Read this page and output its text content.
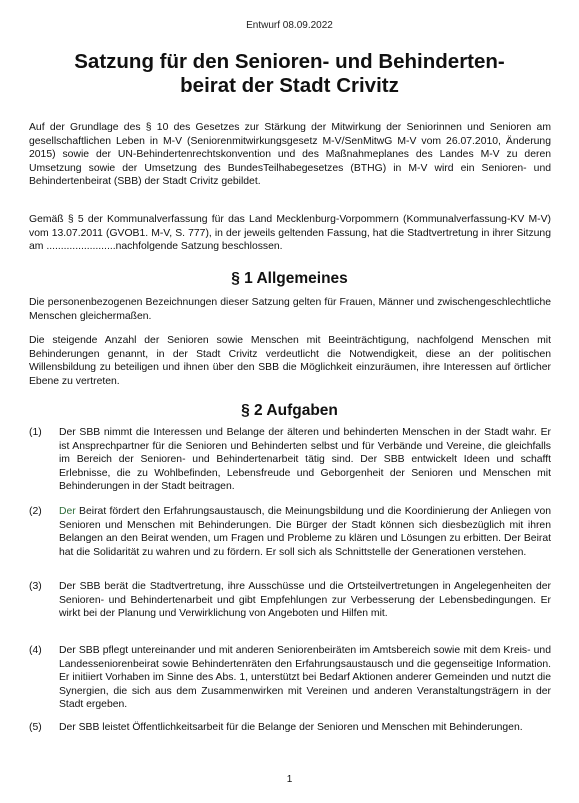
Entwurf 08.09.2022
Satzung für den Senioren- und Behinderten-
beirat der Stadt Crivitz

Auf der Grundlage des § 10 des Gesetzes zur Stärkung der Mitwirkung der Seniorinnen und Senioren am gesellschaftlichen Leben in M-V (Seniorenmitwirkungsgesetz M-V/SenMitwG M-V vom 26.07.2010, Änderung 2015) sowie der UN-Behindertenrechtskonvention und des Maßnahmeplanes des Landes M-V zu deren Umsetzung sowie der Umsetzung des BundesTeilhabegesetzes (BTHG) in M-V wird ein Senioren- und Behindertenbeirat (SBB) der Stadt Crivitz gebildet.

Gemäß § 5 der Kommunalverfassung für das Land Mecklenburg-Vorpommern (Kommunalverfassung-KV M-V) vom 13.07.2011 (GVOB1. M-V, S. 777), in der jeweils geltenden Fassung, hat die Stadtvertretung in ihrer Sitzung am ........................nachfolgende Satzung beschlossen.

§ 1 Allgemeines

Die personenbezogenen Bezeichnungen dieser Satzung gelten für Frauen, Männer und zwischengeschlechtliche Menschen gleichermaßen.

Die steigende Anzahl der Senioren sowie Menschen mit Beeinträchtigung, nachfolgend Menschen mit Behinderungen genannt, in der Stadt Crivitz verdeutlicht die Notwendigkeit, diese an der politischen Willensbildung zu beteiligen und ihnen über den SBB die Möglichkeit einzuräumen, ihre Interessen auf örtlicher Ebene zu vertreten.

§ 2 Aufgaben
(1)	Der SBB nimmt die Interessen und Belange der älteren und behinderten Menschen in der Stadt wahr. Er ist Ansprechpartner für die Senioren und Behinderten selbst und für Verbände und Vereine, die gleichfalls im Bereich der Senioren- und Behindertenarbeit tätig sind. Der SBB entwickelt Ideen und schafft Erlebnisse, die zu Wohlbefinden, Lebensfreude und Geborgenheit der Senioren und Menschen mit Behinderungen in der Stadt beitragen.
(2)	Der Beirat fördert den Erfahrungsaustausch, die Meinungsbildung und die Koordinierung der Anliegen von Senioren und Menschen mit Behinderungen. Die Bürger der Stadt können sich diesbezüglich mit ihren Belangen an den Beirat wenden, um Fragen und Probleme zu klären und Lösungen zu erbitten. Der Beirat hat die Solidarität zu wahren und zu fördern. Er soll sich als Schnittstelle der Generationen verstehen.
(3)	Der SBB berät die Stadtvertretung, ihre Ausschüsse und die Ortsteilvertretungen in Angelegenheiten der Senioren- und Behindertenarbeit und gibt Empfehlungen zur Verbesserung der Lebensbedingungen. Er wirkt bei der Planung und Verwirklichung von Angeboten und Hilfen mit.
(4)	Der SBB pflegt untereinander und mit anderen Seniorenbeiräten im Amtsbereich sowie mit dem Kreis- und Landesseniorenbeirat sowie Behindertenräten den Erfahrungsaustausch und die gegenseitige Information. Er initiiert Vorhaben im Sinne des Abs. 1, unterstützt bei Bedarf Aktionen anderer Gemeinden und nutzt die Synergien, die sich aus dem Zusammenwirken mit Vereinen und anderen Veranstaltungsträgern in der Stadt ergeben.
(5)	Der SBB leistet Öffentlichkeitsarbeit für die Belange der Senioren und Menschen mit Behinderungen.
1
